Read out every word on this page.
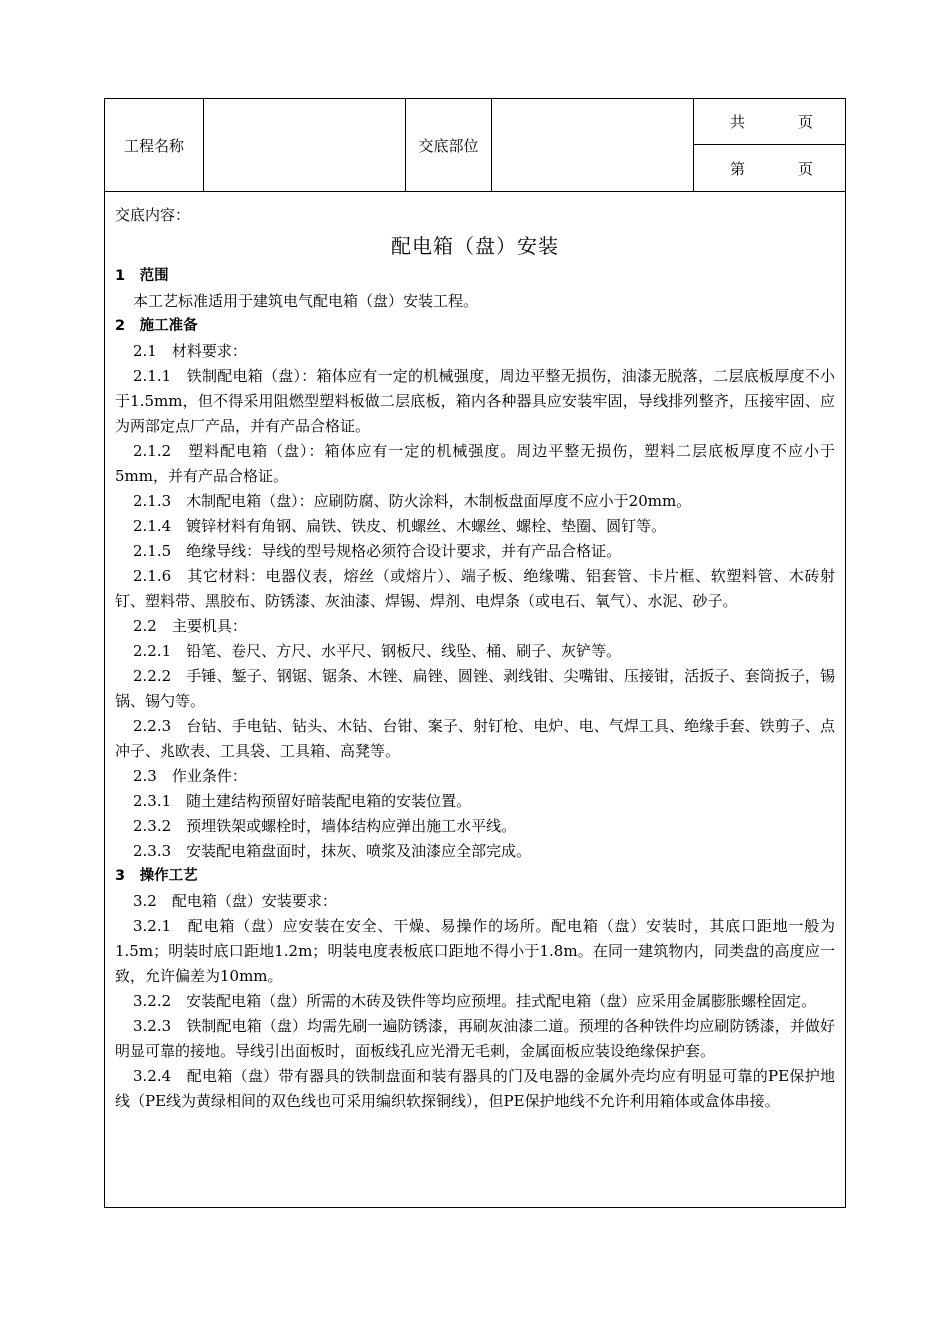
工程名称	交底部位
共	页
第	页

交底内容：

配电箱（盘）安装

1　范围

本工艺标准适用于建筑电气配电箱（盘）安装工程。

2　施工准备

2.1　材料要求：

2.1.1　铁制配电箱（盘）：箱体应有一定的机械强度，周边平整无损伤，油漆无脱落，二层底板厚度不小于1.5mm，但不得采用阻燃型塑料板做二层底板，箱内各种器具应安装牢固，导线排列整齐，压接牢固、应为两部定点厂产品，并有产品合格证。

2.1.2　塑料配电箱（盘）：箱体应有一定的机械强度。周边平整无损伤，塑料二层底板厚度不应小于5mm，并有产品合格证。

2.1.3　木制配电箱（盘）：应刷防腐、防火涂料，木制板盘面厚度不应小于20mm。

2.1.4　镀锌材料有角钢、扁铁、铁皮、机螺丝、木螺丝、螺栓、垫圈、圆钉等。

2.1.5　绝缘导线：导线的型号规格必须符合设计要求，并有产品合格证。

2.1.6　其它材料：电器仪表，熔丝（或熔片）、端子板、绝缘嘴、铝套管、卡片框、软塑料管、木砖射钉、塑料带、黑胶布、防锈漆、灰油漆、焊锡、焊剂、电焊条（或电石、氧气）、水泥、砂子。

2.2　主要机具：

2.2.1　铅笔、卷尺、方尺、水平尺、钢板尺、线坠、桶、刷子、灰铲等。

2.2.2　手锤、錾子、钢锯、锯条、木锉、扁锉、圆锉、剥线钳、尖嘴钳、压接钳，活扳子、套筒扳子，锡锅、锡勺等。

2.2.3　台钻、手电钻、钻头、木钻、台钳、案子、射钉枪、电炉、电、气焊工具、绝缘手套、铁剪子、点冲子、兆欧表、工具袋、工具箱、高凳等。

2.3　作业条件：

2.3.1　随土建结构预留好暗装配电箱的安装位置。

2.3.2　预埋铁架或螺栓时，墙体结构应弹出施工水平线。

2.3.3　安装配电箱盘面时，抹灰、喷浆及油漆应全部完成。

3　操作工艺

3.2　配电箱（盘）安装要求：

3.2.1　配电箱（盘）应安装在安全、干燥、易操作的场所。配电箱（盘）安装时，其底口距地一般为1.5m；明装时底口距地1.2m；明装电度表板底口距地不得小于1.8m。在同一建筑物内，同类盘的高度应一致，允许偏差为10mm。

3.2.2　安装配电箱（盘）所需的木砖及铁件等均应预埋。挂式配电箱（盘）应采用金属膨胀螺栓固定。

3.2.3　铁制配电箱（盘）均需先刷一遍防锈漆，再刷灰油漆二道。预埋的各种铁件均应刷防锈漆，并做好明显可靠的接地。导线引出面板时，面板线孔应光滑无毛刺，金属面板应装设绝缘保护套。

3.2.4　配电箱（盘）带有器具的铁制盘面和装有器具的门及电器的金属外壳均应有明显可靠的PE保护地线（PE线为黄绿相间的双色线也可采用编织软探铜线），但PE保护地线不允许利用箱体或盒体串接。
